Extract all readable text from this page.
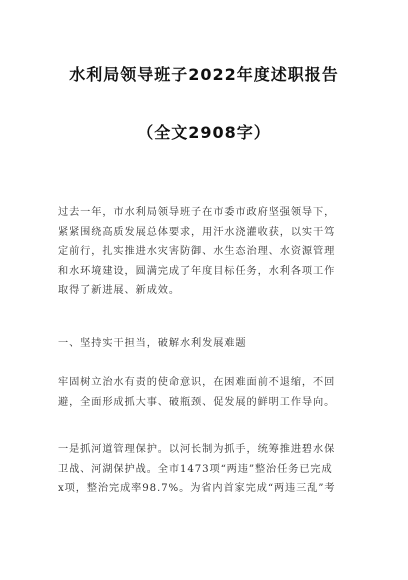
水利局领导班子2022年度述职报告
（全文2908字）
过去一年，市水利局领导班子在市委市政府坚强领导下，
紧紧围绕高质发展总体要求，用汗水浇灌收获，以实干笃
定前行，扎实推进水灾害防御、水生态治理、水资源管理
和水环境建设，圆满完成了年度目标任务，水利各项工作
取得了新进展、新成效。
一、坚持实干担当，破解水利发展难题
牢固树立治水有责的使命意识，在困难面前不退缩，不回
避，全面形成抓大事、破瓶颈、促发展的鲜明工作导向。
一是抓河道管理保护。以河长制为抓手，统筹推进碧水保
卫战、河湖保护战。全市1473项“两违”整治任务已完成
x项，整治完成率98.7%。为省内首家完成“两违三乱”考
